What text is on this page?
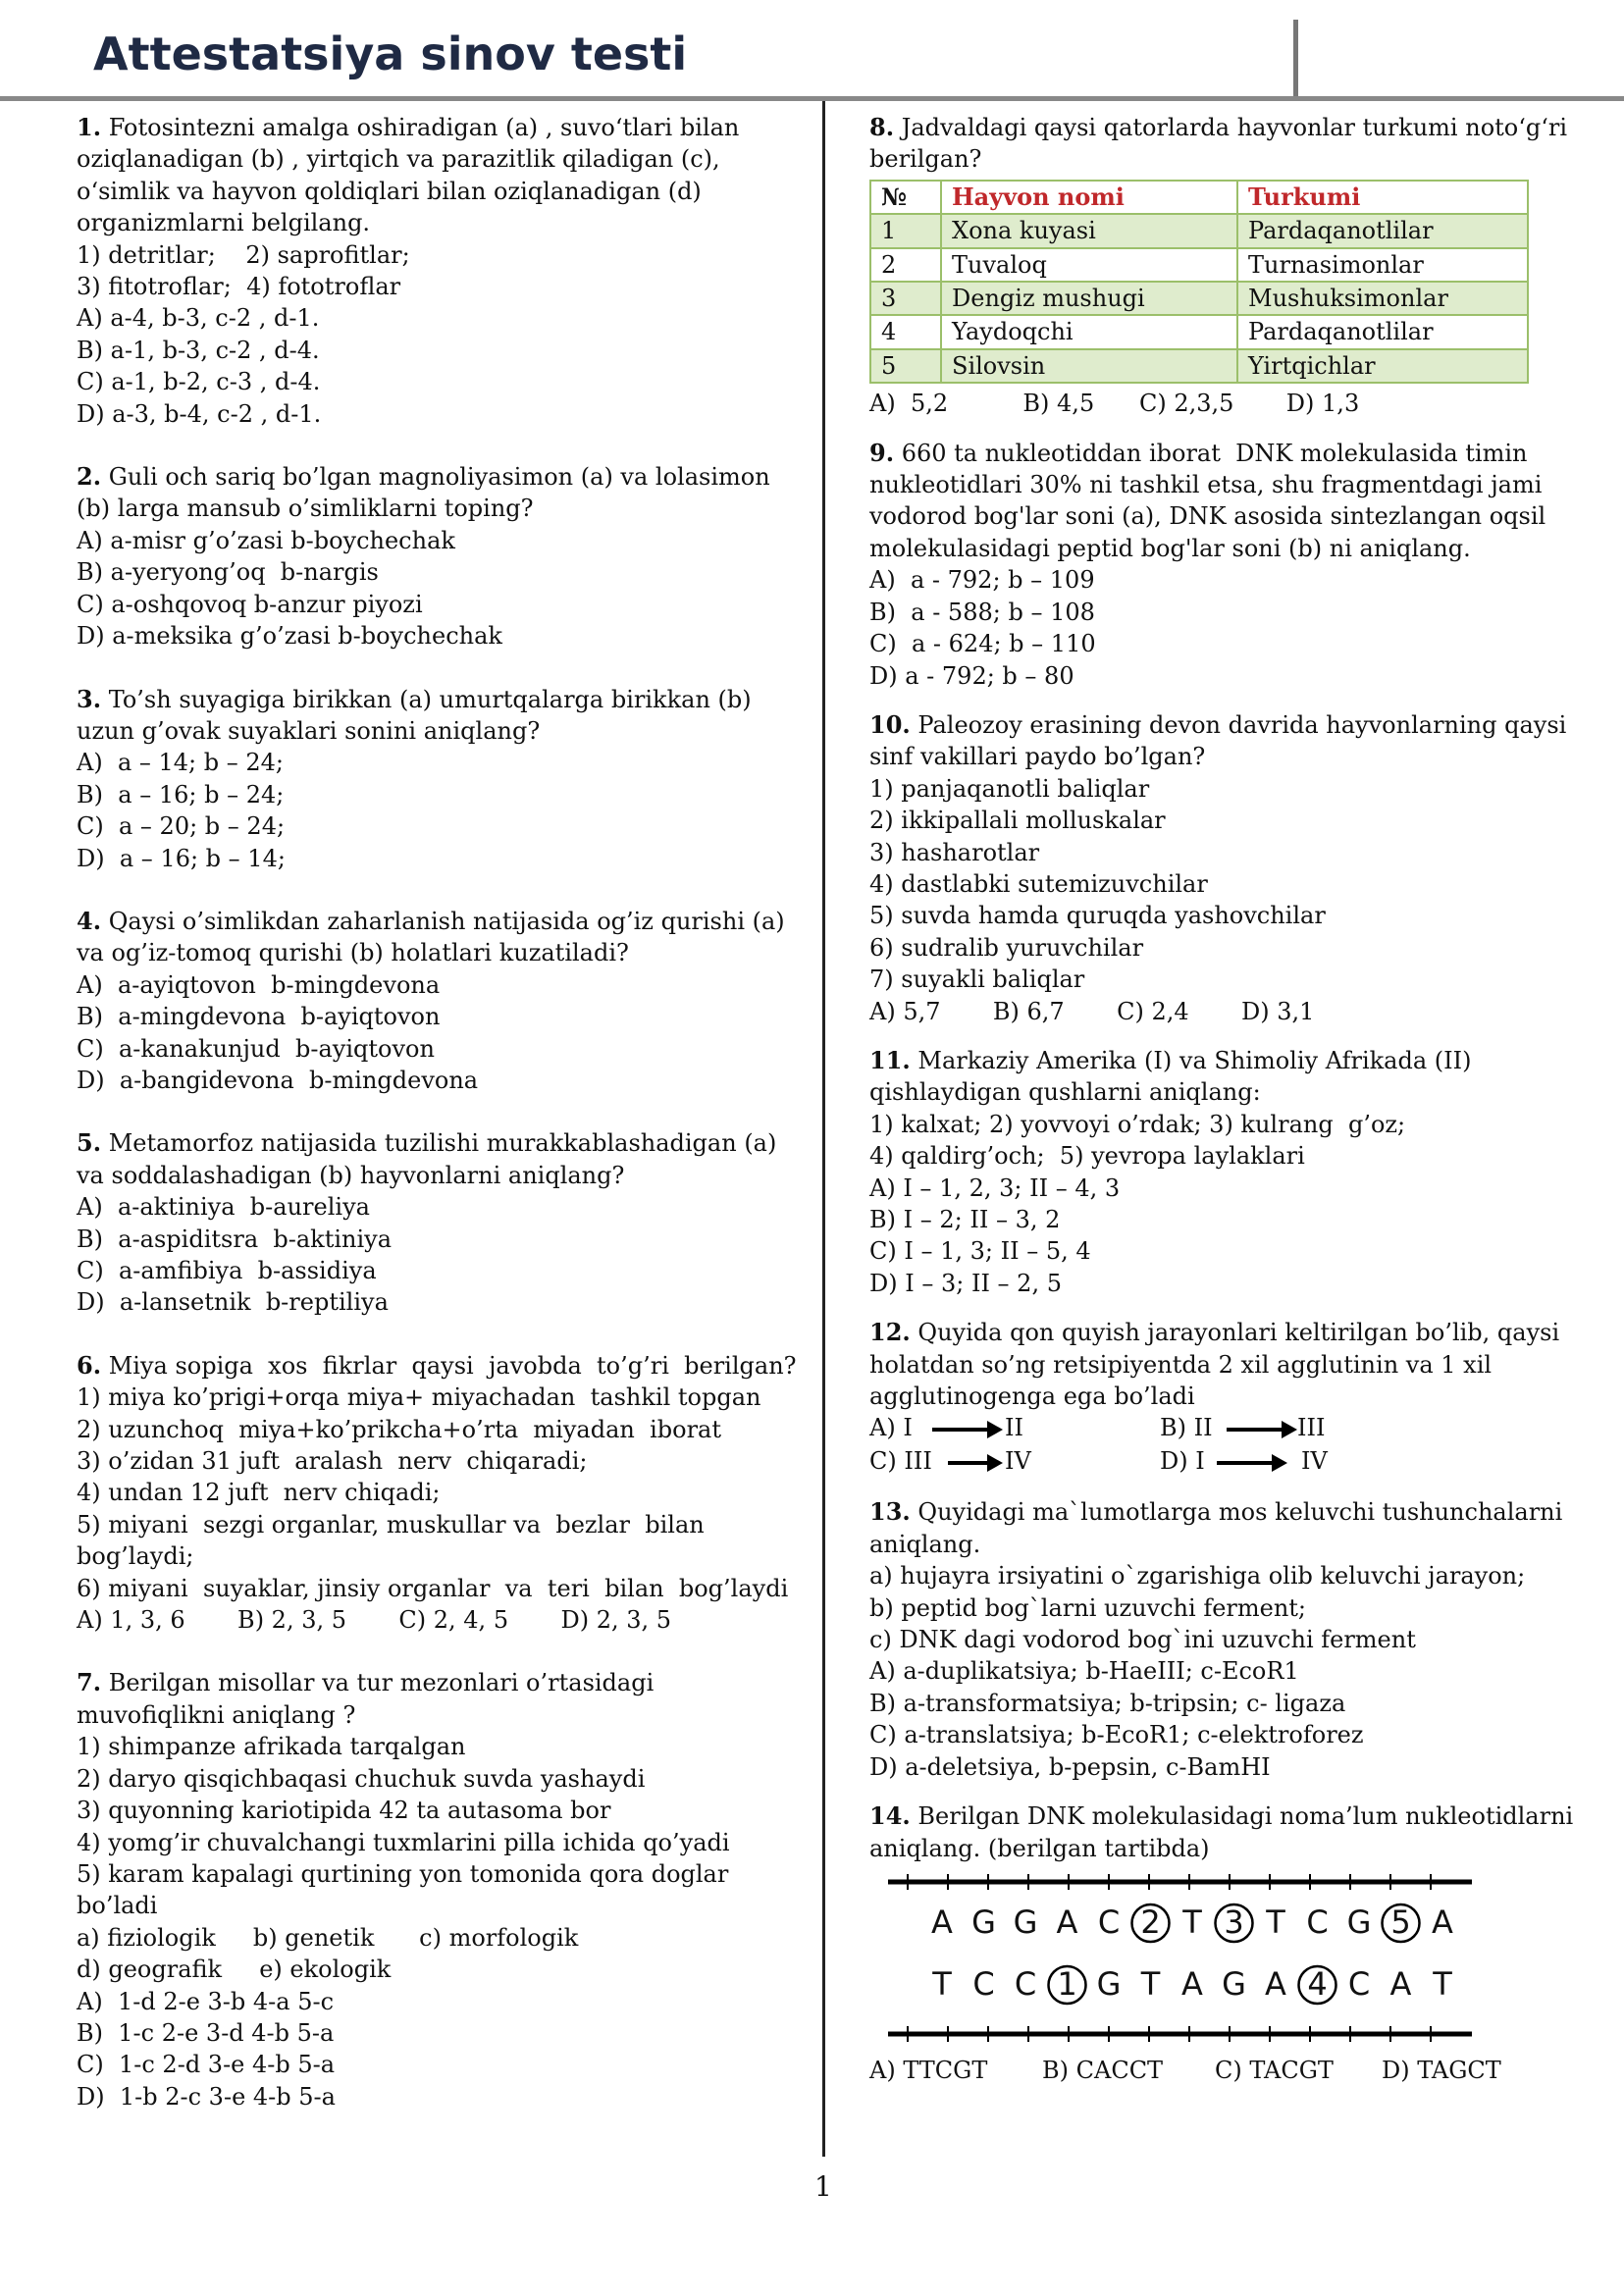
Attestatsiya sinov testi
1. Fotosintezni amalga oshiradigan (a) , suvo‘tlari bilan
oziqlanadigan (b) , yirtqich va parazitlik qiladigan (c),
o‘simlik va hayvon qoldiqlari bilan oziqlanadigan (d)
organizmlarni belgilang.
1) detritlar;    2) saprofitlar;
3) fitotroflar;  4) fototroflar
A) a-4, b-3, c-2 , d-1.
B) a-1, b-3, c-2 , d-4.
C) a-1, b-2, c-3 , d-4.
D) a-3, b-4, c-2 , d-1.
2. Guli och sariq bo’lgan magnoliyasimon (a) va lolasimon
(b) larga mansub o’simliklarni toping?
A) a-misr g’o’zasi b-boychechak
B) a-yeryong’oq  b-nargis
C) a-oshqovoq b-anzur piyozi
D) a-meksika g’o’zasi b-boychechak
3. To’sh suyagiga birikkan (a) umurtqalarga birikkan (b)
uzun g’ovak suyaklari sonini aniqlang?
A)  a – 14; b – 24;
B)  a – 16; b – 24;
C)  a – 20; b – 24;
D)  a – 16; b – 14;
4. Qaysi o’simlikdan zaharlanish natijasida og’iz qurishi (a)
va og’iz-tomoq qurishi (b) holatlari kuzatiladi?
A)  a-ayiqtovon  b-mingdevona
B)  a-mingdevona  b-ayiqtovon
C)  a-kanakunjud  b-ayiqtovon
D)  a-bangidevona  b-mingdevona
5. Metamorfoz natijasida tuzilishi murakkablashadigan (a)
va soddalashadigan (b) hayvonlarni aniqlang?
A)  a-aktiniya  b-aureliya
B)  a-aspiditsra  b-aktiniya
C)  a-amfibiya  b-assidiya
D)  a-lansetnik  b-reptiliya
6. Miya sopiga  xos  fikrlar  qaysi  javobda  to’g’ri  berilgan?
1) miya ko’prigi+orqa miya+ miyachadan  tashkil topgan
2) uzunchoq  miya+ko’prikcha+o’rta  miyadan  iborat
3) o’zidan 31 juft  aralash  nerv  chiqaradi;
4) undan 12 juft  nerv chiqadi;
5) miyani  sezgi organlar, muskullar va  bezlar  bilan
bog’laydi;
6) miyani  suyaklar, jinsiy organlar  va  teri  bilan  bog’laydi
A) 1, 3, 6       B) 2, 3, 5       C) 2, 4, 5       D) 2, 3, 5
7. Berilgan misollar va tur mezonlari o’rtasidagi
muvofiqlikni aniqlang ?
1) shimpanze afrikada tarqalgan
2) daryo qisqichbaqasi chuchuk suvda yashaydi
3) quyonning kariotipida 42 ta autasoma bor
4) yomg’ir chuvalchangi tuxmlarini pilla ichida qo’yadi
5) karam kapalagi qurtining yon tomonida qora doglar
bo’ladi
a) fiziologik     b) genetik      c) morfologik
d) geografik     e) ekologik
A)  1-d 2-e 3-b 4-a 5-c
B)  1-c 2-e 3-d 4-b 5-a
C)  1-c 2-d 3-e 4-b 5-a
D)  1-b 2-c 3-e 4-b 5-a
8. Jadvaldagi qaysi qatorlarda hayvonlar turkumi noto‘g‘ri
berilgan?
№	Hayvon nomi	Turkumi
1	Xona kuyasi	Pardaqanotlilar
2	Tuvaloq	Turnasimonlar
3	Dengiz mushugi	Mushuksimonlar
4	Yaydoqchi	Pardaqanotlilar
5	Silovsin	Yirtqichlar
A)  5,2          B) 4,5      C) 2,3,5       D) 1,3
9. 660 ta nukleotiddan iborat  DNK molekulasida timin
nukleotidlari 30% ni tashkil etsa, shu fragmentdagi jami
vodorod bog'lar soni (a), DNK asosida sintezlangan oqsil
molekulasidagi peptid bog'lar soni (b) ni aniqlang.
A)  a - 792; b – 109
B)  a - 588; b – 108
C)  a - 624; b – 110
D) a - 792; b – 80
10. Paleozoy erasining devon davrida hayvonlarning qaysi
sinf vakillari paydo bo’lgan?
1) panjaqanotli baliqlar
2) ikkipallali molluskalar
3) hasharotlar
4) dastlabki sutemizuvchilar
5) suvda hamda quruqda yashovchilar
6) sudralib yuruvchilar
7) suyakli baliqlar
A) 5,7       B) 6,7       C) 2,4       D) 3,1
11. Markaziy Amerika (I) va Shimoliy Afrikada (II)
qishlaydigan qushlarni aniqlang:
1) kalxat; 2) yovvoyi o’rdak; 3) kulrang  g’oz;
4) qaldirg’och;  5) yevropa laylaklari
A) I – 1, 2, 3; II – 4, 3
B) I – 2; II – 3, 2
C) I – 1, 3; II – 5, 4
D) I – 3; II – 2, 5
12. Quyida qon quyish jarayonlari keltirilgan bo’lib, qaysi
holatdan so’ng retsipiyentda 2 xil agglutinin va 1 xil
agglutinogenga ega bo’ladi
A) I	II	B) II	III
C) III	IV	D) I	IV
13. Quyidagi ma`lumotlarga mos keluvchi tushunchalarni
aniqlang.
a) hujayra irsiyatini o`zgarishiga olib keluvchi jarayon;
b) peptid bog`larni uzuvchi ferment;
c) DNK dagi vodorod bog`ini uzuvchi ferment
A) a-duplikatsiya; b-HaeIII; c-EcoR1
B) a-transformatsiya; b-tripsin; c- ligaza
C) a-translatsiya; b-EcoR1; c-elektroforez
D) a-deletsiya, b-pepsin, c-BamHI
14. Berilgan DNK molekulasidagi noma’lum nukleotidlarni
aniqlang. (berilgan tartibda)
A G G A C 2 T 3 T C G 5 A
T C C 1 G T A G A 4 C A T
A) TTCGT B) CACCT C) TACGT D) TAGCT
1
